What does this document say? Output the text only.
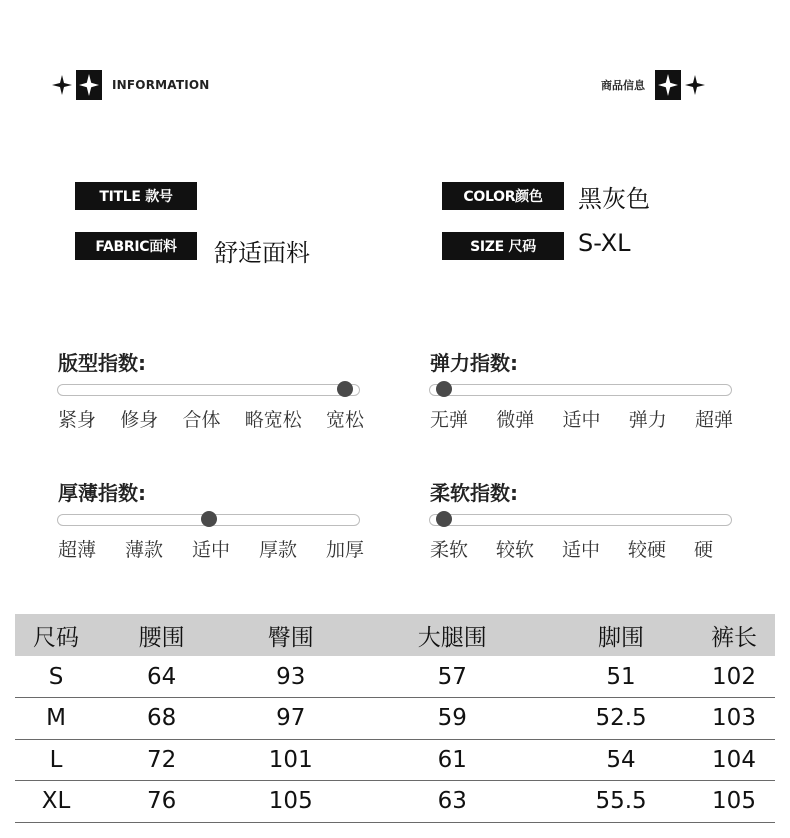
INFORMATION	商品信息
TITLE 款号	COLOR颜色	黑灰色
FABRIC面料	舒适面料	SIZE 尺码	S-XL
版型指数:
紧身 修身 合体 略宽松 宽松
弹力指数:
无弹 微弹 适中 弹力 超弹
厚薄指数:
超薄 薄款 适中 厚款 加厚
柔软指数:
柔软 较软 适中 较硬 硬
尺码	腰围	臀围	大腿围	脚围	裤长
S	64	93	57	51	102
M	68	97	59	52.5	103
L	72	101	61	54	104
XL	76	105	63	55.5	105
